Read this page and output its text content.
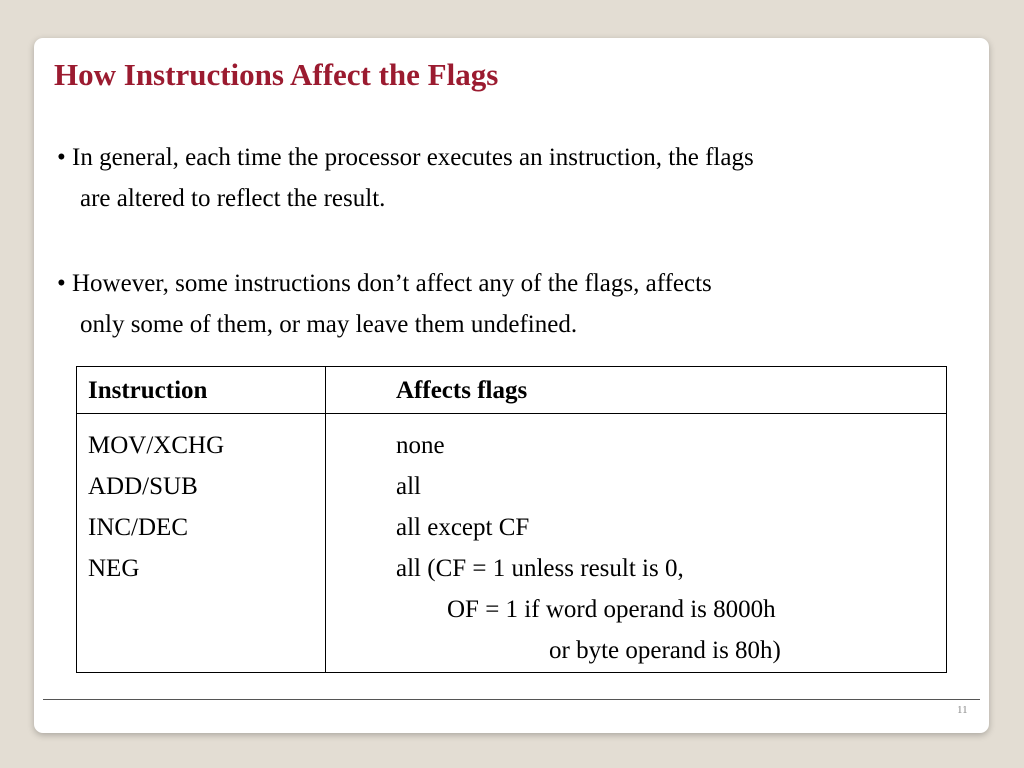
How Instructions Affect the Flags
• In general, each time the processor executes an instruction, the flags
are altered to reflect the result.
• However, some instructions don’t affect any of the flags, affects
only some of them, or may leave them undefined.
Instruction	Affects flags
MOV/XCHG
ADD/SUB
INC/DEC
NEG
none
all
all except CF
all (CF = 1 unless result is 0,
OF = 1 if word operand is 8000h
or byte operand is 80h)
11
